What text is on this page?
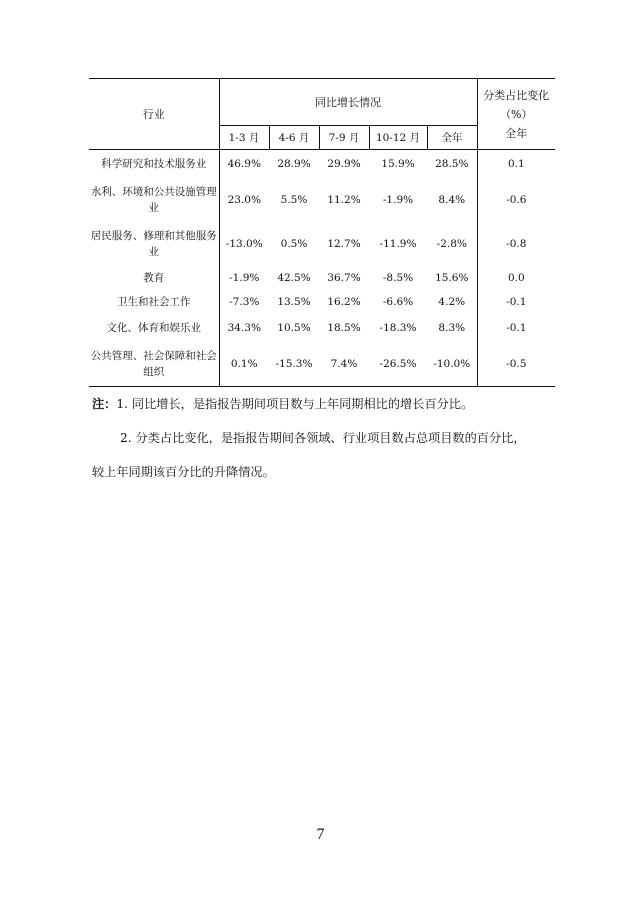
行业	同比增长情况					分类占比变化
（%）
全年

	1-3 月	4-6 月	7-9 月	10-12 月	全年	
科学研究和技术服务业	46.9%	28.9%	29.9%	15.9%	28.5%	0.1
水利、环境和公共设施管理业	23.0%	5.5%	11.2%	-1.9%	8.4%	-0.6
居民服务、修理和其他服务业	-13.0%	0.5%	12.7%	-11.9%	-2.8%	-0.8
教育	-1.9%	42.5%	36.7%	-8.5%	15.6%	0.0
卫生和社会工作	-7.3%	13.5%	16.2%	-6.6%	4.2%	-0.1
文化、体育和娱乐业	34.3%	10.5%	18.5%	-18.3%	8.3%	-0.1
公共管理、社会保障和社会组织	0.1%	-15.3%	7.4%	-26.5%	-10.0%	-0.5
注：1. 同比增长，是指报告期间项目数与上年同期相比的增长百分比。
2. 分类占比变化，是指报告期间各领域、行业项目数占总项目数的百分比，
较上年同期该百分比的升降情况。
7
